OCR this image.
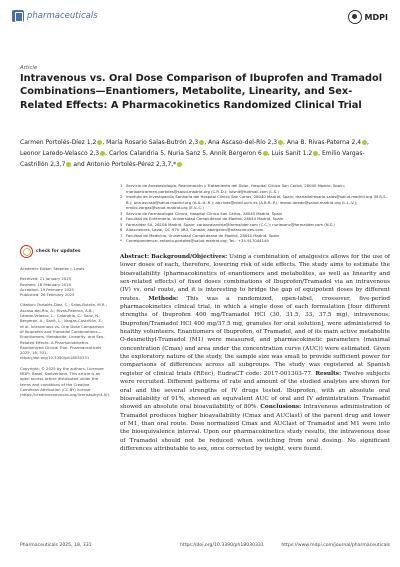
pharmaceuticals	MDPI
Article
Intravenous vs. Oral Dose Comparison of Ibuprofen and Tramadol Combinations—Enantiomers, Metabolite, Linearity, and Sex-Related Effects: A Pharmacokinetics Randomized Clinical Trial
Carmen Portolés-Díez 1,2 , María Rosario Salas-Butrón 2,3 , Ana Ascaso-del-Río 2,3 , Ana B. Rivas-Paterna 2,4 , Leonor Laredo-Velasco 2,3 , Carlos Calandria 5, Nuria Sanz 5, Annik Bergeron 6 , Luis Sanit 1,2 , Emilio Vargas-Castrillón 2,3,7 and Antonio Portolés-Pérez 2,3,7,*
1 Servicio de Anestesiología, Reanimación y Tratamiento del Dolor, Hospital Clínico San Carlos, 28040 Madrid, Spain; mariadelcarmen.portoles@salud.madrid.org (C.P.-D.); luisnit@hotmail.com (L.S.)
2 Instituto de Investigación Sanitaria del Hospital Clínico San Carlos, 28040 Madrid, Spain; mariadelrosario.salas@salud.madrid.org (M.R.S.-B.); ana.ascaso@salud.madrid.org (A.A.-d.-R.); ab.rivas@med.ucm.es (A.B.R.-P.); leonor.laredo@salud.madrid.org (L.L.-V.); emilio.vargas@salud.madrid.org (E.V.-C.)
3 Servicio de Farmacología Clínica, Hospital Clínico San Carlos, 28040 Madrid, Spain
4 Facultad de Enfermería, Universidad Complutense de Madrid, 28040 Madrid, Spain
5 Farmalíder SA, 28108 Madrid, Spain; carloscalandria@farmalider.com (C.C.); nuriasanz@farmalider.com (N.S.)
6 Altasciences, Laval, QC H7V 4B3, Canada; abergeron@altasciences.com
7 Facultad de Medicina, Universidad Complutense de Madrid, 28040 Madrid, Spain
*	Correspondence: antonio.portoles@salud.madrid.org; Tel.: +34-917044149
check for updates
Academic Editor: Stephen J. Lewis
Received: 21 January 2025
Revised: 18 February 2025
Accepted: 19 February 2025
Published: 26 February 2025
Citation: Portolés-Díez, C.; Salas-Butrón, M.R.; Ascaso-del-Río, A.; Rivas-Paterna, A.B.; Laredo-Velasco, L.; Calandria, C.; Sanz, N.; Bergeron, A.; Sanit, L.; Vargas-Castrillón, E.; et al. Intravenous vs. Oral Dose Comparison of Ibuprofen and Tramadol Combinations—Enantiomers, Metabolite, Linearity, and Sex-Related Effects: A Pharmacokinetics Randomized Clinical Trial. Pharmaceuticals 2025, 18, 331. https://doi.org/10.3390/ph18030331
Copyright: © 2025 by the authors. Licensee MDPI, Basel, Switzerland. This article is an open access article distributed under the terms and conditions of the Creative Commons Attribution (CC BY) license (https://creativecommons.org/licenses/by/4.0/).
Abstract: Background/Objectives: Using a combination of analgesics allows for the use of lower doses of each, therefore, lowering risk of side effects. The study aims to estimate the bioavailability (pharmacokinetics of enantiomers and metabolites, as well as linearity and sex-related effects) of fixed doses combinations of Ibuprofen/Tramadol via an intravenous (IV) vs. oral route, and it is interesting to bridge the gap of equipotent doses by different routes. Methods: This was a randomized, open-label, crossover, five-period pharmacokinetics clinical trial, in which a single dose of each formulation [four different strengths of Ibuprofen 400 mg/Tramadol HCl (30, 31.5, 33, 37.5 mg), intravenous; Ibuprofen/Tramadol HCl 400 mg/37.5 mg, granules for oral solution], were administered to healthy volunteers. Enantiomers of Ibuprofen, of Tramadol, and of its main active metabolite O-desmethyl-Tramadol (M1) were measured, and pharmacokinetic parameters (maximal concentration (Cmax) and area under the concentration curve (AUC)) were estimated. Given the exploratory nature of the study, the sample size was small to provide sufficient power for comparisons of differences across all subgroups. The study was registered at Spanish register of clinical trials (REec), EudraCT code: 2017-001303-77. Results: Twelve subjects were recruited. Different patterns of rate and amount of the studied analytes are shown for oral and the several strengths of IV drugs tested. Ibuprofen, with an absolute oral bioavailability of 91%, showed an equivalent AUC of oral and IV administration. Tramadol showed an absolute oral bioavailability of 80%. Conclusions: Intravenous administration of Tramadol produces higher bioavailability (Cmax and AUClast) of the parent drug and lower of M1, than oral route. Dose normalized Cmax and AUClast of Tramadol and M1 were into the bioequivalence interval. Upon our pharmacokinetics study results, the intravenous dose of Tramadol should not be reduced when switching from oral dosing. No significant differences attributable to sex, once corrected by weight, were found.
Pharmaceuticals 2025, 18, 331	https://doi.org/10.3390/ph18030331	https://www.mdpi.com/journal/pharmaceuticals
